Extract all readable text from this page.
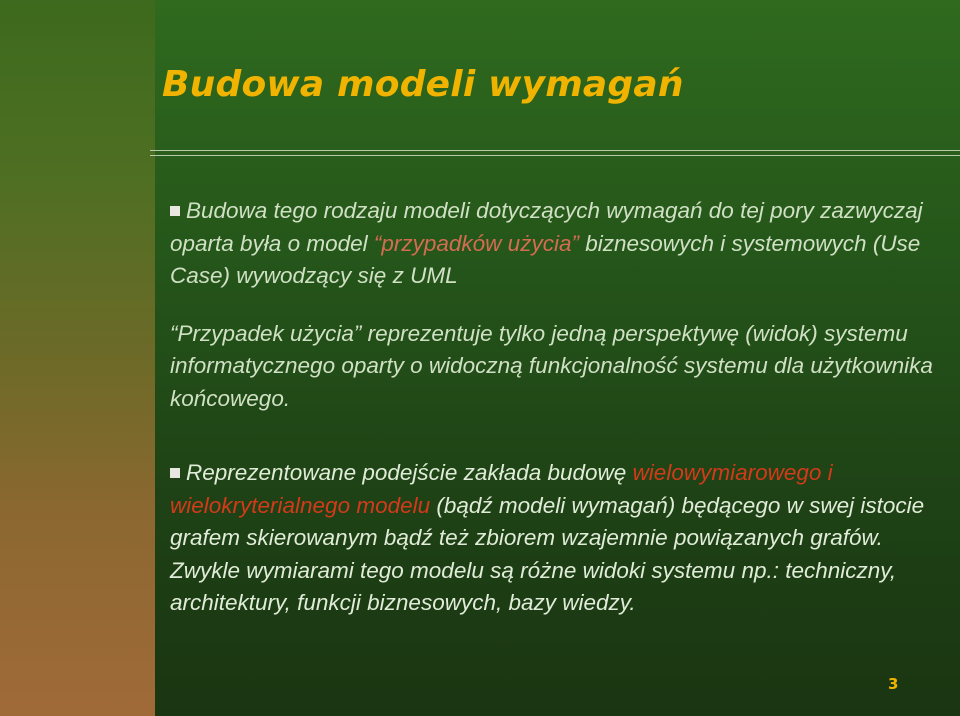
Budowa modeli wymagań

Budowa tego rodzaju modeli dotyczących wymagań do tej pory zazwyczaj oparta była o model “przypadków użycia” biznesowych i systemowych (Use Case) wywodzący się z UML

“Przypadek użycia” reprezentuje tylko jedną perspektywę (widok) systemu informatycznego oparty o widoczną funkcjonalność systemu dla użytkownika końcowego.

Reprezentowane podejście zakłada budowę wielowymiarowego i wielokryterialnego modelu (bądź modeli wymagań) będącego w swej istocie grafem skierowanym bądź też zbiorem wzajemnie powiązanych grafów. Zwykle wymiarami tego modelu są różne widoki systemu np.: techniczny, architektury, funkcji biznesowych, bazy wiedzy.

3
